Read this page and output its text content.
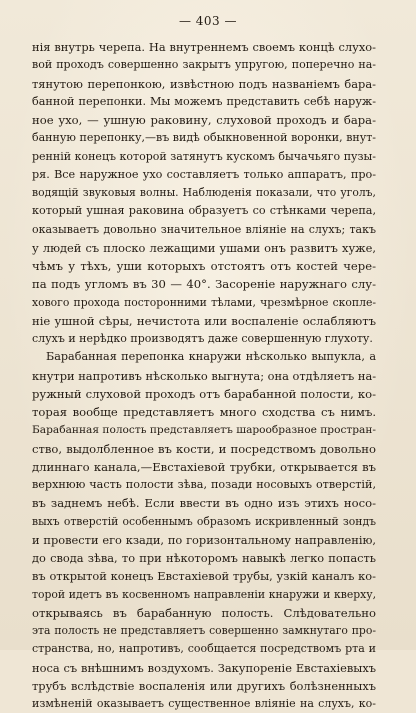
— 403 —
нія внутрь черепа. На внутреннемъ своемъ концѣ слухо-
вой проходъ совершенно закрытъ упругою, поперечно на-
тянутою перепонкою, извѣстною подъ названіемъ бара-
банной перепонки. Мы можемъ представить себѣ наруж-
ное ухо, — ушную раковину, слуховой проходъ и бара-
банную перепонку,—въ видѣ обыкновенной воронки, внут-
ренній конецъ которой затянутъ кускомъ бычачьяго пузы-
ря. Все наружное ухо составляетъ только аппаратъ, про-
водящій звуковыя волны. Наблюденія показали, что уголъ,
который ушная раковина образуетъ со стѣнками черепа,
оказываетъ довольно значительное вліяніе на слухъ; такъ
у людей съ плоско лежащими ушами онъ развитъ хуже,
чѣмъ у тѣхъ, уши которыхъ отстоятъ отъ костей чере-
па подъ угломъ въ 30 — 40°. Засореніе наружнаго слу-
хового прохода посторонними тѣлами, чрезмѣрное скопле-
ніе ушной сѣры, нечистота или воспаленіе ослабляютъ
слухъ и нерѣдко производятъ даже совершенную глухоту.
Барабанная перепонка кнаружи нѣсколько выпукла, а
кнутри напротивъ нѣсколько выгнута; она отдѣляетъ на-
ружный слуховой проходъ отъ барабанной полости, ко-
торая вообще представляетъ много сходства съ нимъ.
Барабанная полость представляетъ шарообразное простран-
ство, выдолбленное въ кости, и посредствомъ довольно
длиннаго канала,—Евстахіевой трубки, открывается въ
верхнюю часть полости зѣва, позади носовыхъ отверстій,
въ заднемъ небѣ. Если ввести въ одно изъ этихъ носо-
выхъ отверстій особеннымъ образомъ искривленный зондъ
и провести его кзади, по горизонтальному направленію,
до свода зѣва, то при нѣкоторомъ навыкѣ легко попасть
въ открытой конецъ Евстахіевой трубы, узкій каналъ ко-
торой идетъ въ косвенномъ направленіи кнаружи и кверху,
открываясь въ барабанную полость. Слѣдовательно
эта полость не представляетъ совершенно замкнутаго про-
странства, но, напротивъ, сообщается посредствомъ рта и
носа съ внѣшнимъ воздухомъ. Закупореніе Евстахіевыхъ
трубъ вслѣдствіе воспаленія или другихъ болѣзненныхъ
измѣненій оказываетъ существенное вліяніе на слухъ, ко-
